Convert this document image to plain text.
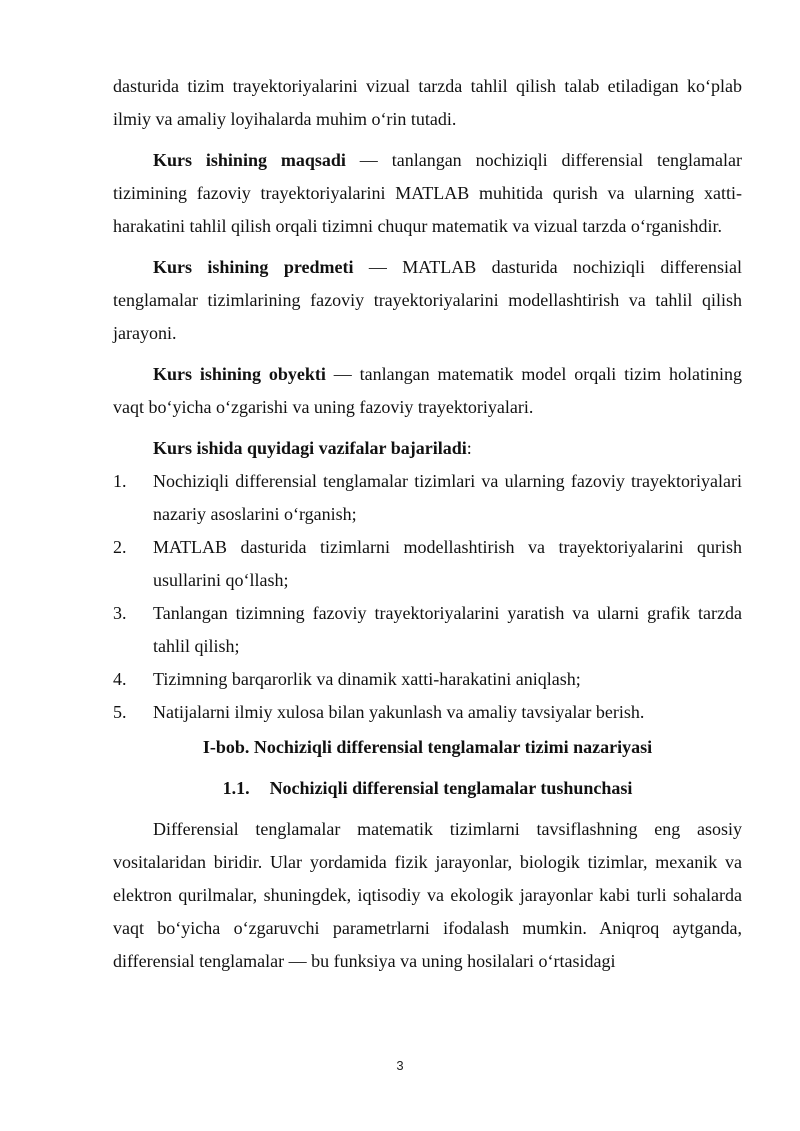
dasturida tizim trayektoriyalarini vizual tarzda tahlil qilish talab etiladigan koʻplab ilmiy va amaliy loyihalarda muhim oʻrin tutadi.

Kurs ishining maqsadi — tanlangan nochiziqli differensial tenglamalar tizimining fazoviy trayektoriyalarini MATLAB muhitida qurish va ularning xatti-harakatini tahlil qilish orqali tizimni chuqur matematik va vizual tarzda oʻrganishdir.

Kurs ishining predmeti — MATLAB dasturida nochiziqli differensial tenglamalar tizimlarining fazoviy trayektoriyalarini modellashtirish va tahlil qilish jarayoni.

Kurs ishining obyekti — tanlangan matematik model orqali tizim holatining vaqt boʻyicha oʻzgarishi va uning fazoviy trayektoriyalari.

Kurs ishida quyidagi vazifalar bajariladi:

1. Nochiziqli differensial tenglamalar tizimlari va ularning fazoviy trayektoriyalari nazariy asoslarini oʻrganish;
2. MATLAB dasturida tizimlarni modellashtirish va trayektoriyalarini qurish usullarini qoʻllash;
3. Tanlangan tizimning fazoviy trayektoriyalarini yaratish va ularni grafik tarzda tahlil qilish;
4. Tizimning barqarorlik va dinamik xatti-harakatini aniqlash;
5. Natijalarni ilmiy xulosa bilan yakunlash va amaliy tavsiyalar berish.

I-bob. Nochiziqli differensial tenglamalar tizimi nazariyasi

1.1. Nochiziqli differensial tenglamalar tushunchasi

Differensial tenglamalar matematik tizimlarni tavsiflashning eng asosiy vositalaridan biridir. Ular yordamida fizik jarayonlar, biologik tizimlar, mexanik va elektron qurilmalar, shuningdek, iqtisodiy va ekologik jarayonlar kabi turli sohalarda vaqt boʻyicha oʻzgaruvchi parametrlarni ifodalash mumkin. Aniqroq aytganda, differensial tenglamalar — bu funksiya va uning hosilalari oʻrtasidagi

3
